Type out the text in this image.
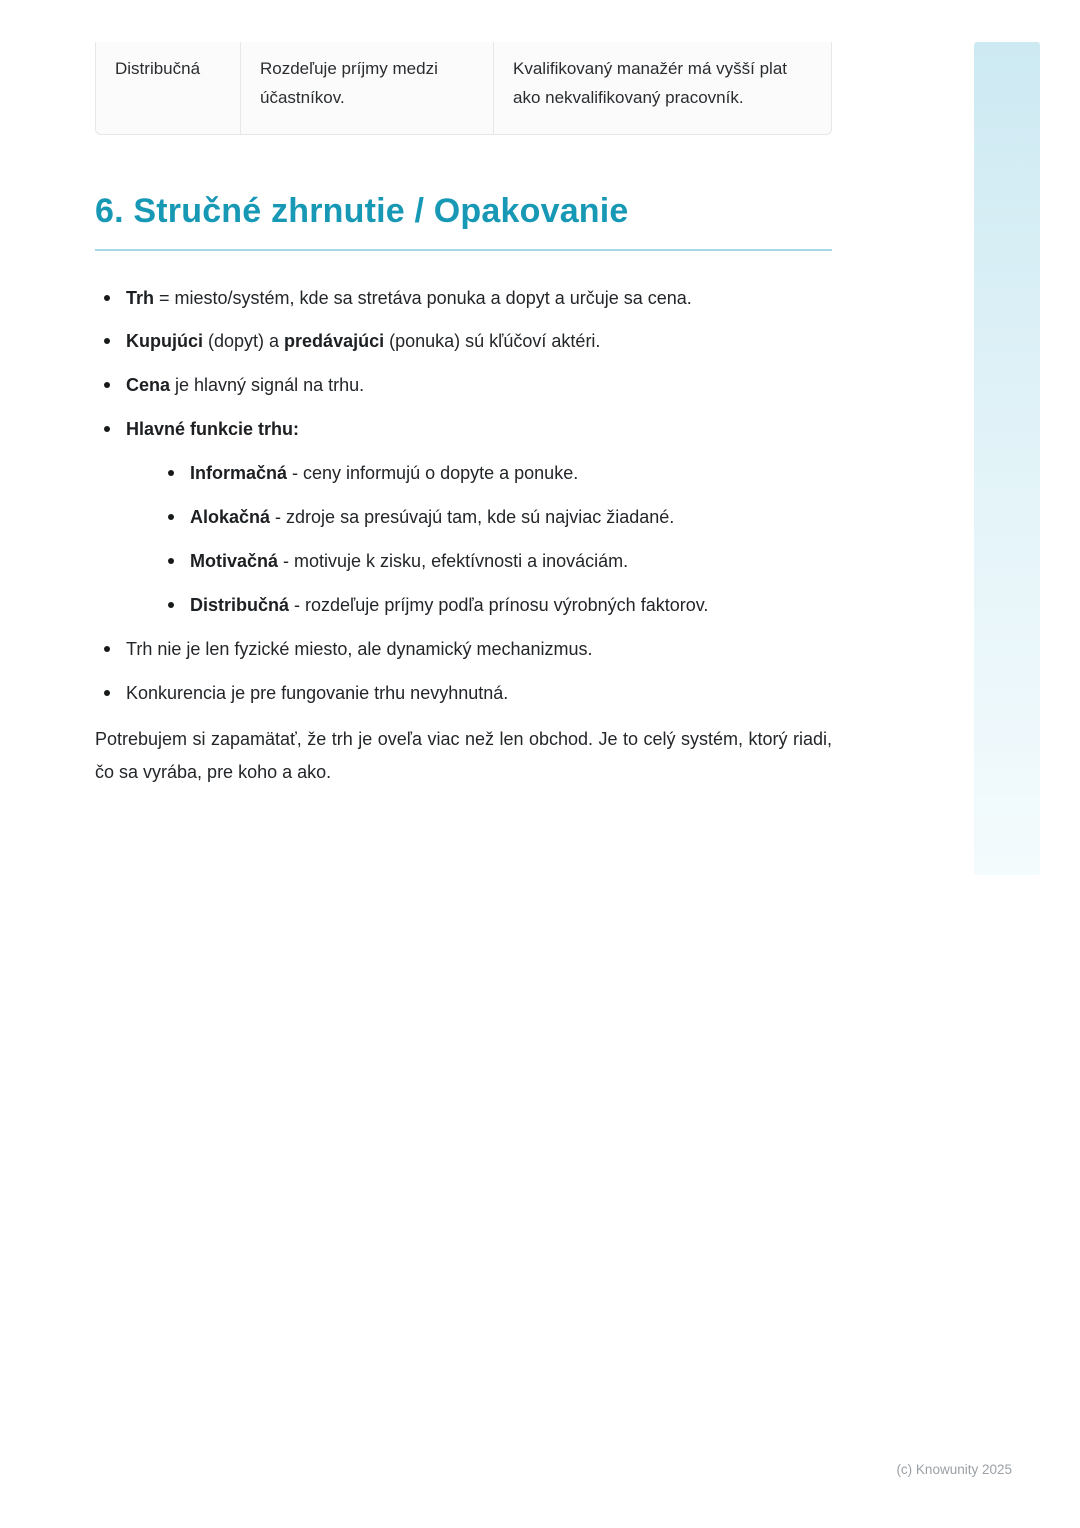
Distribučná	Rozdeľuje príjmy medzi účastníkov.
Kvalifikovaný manažér má vyšší plat ako nekvalifikovaný pracovník.
6. Stručné zhrnutie / Opakovanie
Trh = miesto/systém, kde sa stretáva ponuka a dopyt a určuje sa cena.
Kupujúci (dopyt) a predávajúci (ponuka) sú kľúčoví aktéri.
Cena je hlavný signál na trhu.
Hlavné funkcie trhu:
Informačná - ceny informujú o dopyte a ponuke.
Alokačná - zdroje sa presúvajú tam, kde sú najviac žiadané.
Motivačná - motivuje k zisku, efektívnosti a inováciám.
Distribučná - rozdeľuje príjmy podľa prínosu výrobných faktorov.
Trh nie je len fyzické miesto, ale dynamický mechanizmus.
Konkurencia je pre fungovanie trhu nevyhnutná.

Potrebujem si zapamätať, že trh je oveľa viac než len obchod. Je to celý systém, ktorý riadi, čo sa vyrába, pre koho a ako.

(c) Knowunity 2025
